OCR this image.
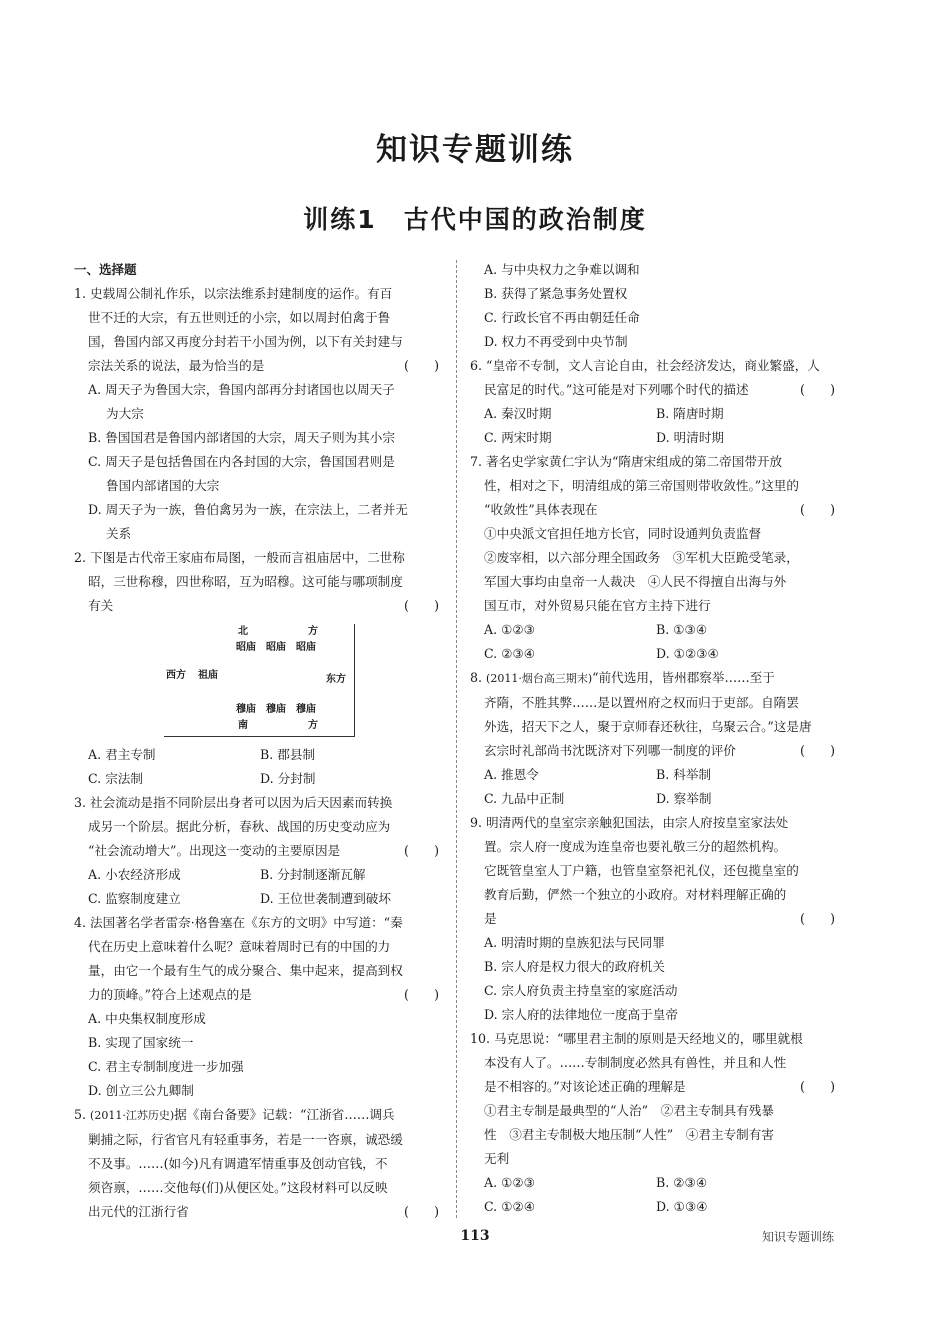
知识专题训练
训练1　古代中国的政治制度
一、选择题
1. 史载周公制礼作乐，以宗法维系封建制度的运作。有百
世不迁的大宗，有五世则迁的小宗，如以周封伯禽于鲁
国，鲁国内部又再度分封若干小国为例，以下有关封建与
宗法关系的说法，最为恰当的是	(　　)
A. 周天子为鲁国大宗，鲁国内部再分封诸国也以周天子
为大宗
B. 鲁国国君是鲁国内部诸国的大宗，周天子则为其小宗
C. 周天子是包括鲁国在内各封国的大宗，鲁国国君则是
鲁国内部诸国的大宗
D. 周天子为一族，鲁伯禽另为一族，在宗法上，二者并无
关系
2. 下图是古代帝王家庙布局图，一般而言祖庙居中，二世称
昭，三世称穆，四世称昭，互为昭穆。这可能与哪项制度
有关	(　　)
北	方
昭庙 昭庙 昭庙
西方 祖庙	东方
穆庙 穆庙 穆庙
南	方
A. 君主专制	B. 郡县制
C. 宗法制	D. 分封制
3. 社会流动是指不同阶层出身者可以因为后天因素而转换
成另一个阶层。据此分析，春秋、战国的历史变动应为
“社会流动增大”。出现这一变动的主要原因是	(　　)
A. 小农经济形成	B. 分封制逐渐瓦解
C. 监察制度建立	D. 王位世袭制遭到破坏
4. 法国著名学者雷奈·格鲁塞在《东方的文明》中写道：“秦
代在历史上意味着什么呢？意味着周时已有的中国的力
量，由它一个最有生气的成分聚合、集中起来，提高到权
力的顶峰。”符合上述观点的是	(　　)
A. 中央集权制度形成
B. 实现了国家统一
C. 君主专制制度进一步加强
D. 创立三公九卿制
5. (2011·江苏历史)据《南台备要》记载：“江浙省……调兵
剿捕之际，行省官凡有轻重事务，若是一一咨禀，诚恐缓
不及事。……(如今)凡有调遣军情重事及创动官钱，不
须咨禀，……交他每(们)从便区处。”这段材料可以反映
出元代的江浙行省	(　　)
A. 与中央权力之争难以调和
B. 获得了紧急事务处置权
C. 行政长官不再由朝廷任命
D. 权力不再受到中央节制
6. “皇帝不专制，文人言论自由，社会经济发达，商业繁盛，人
民富足的时代。”这可能是对下列哪个时代的描述	(　　)
A. 秦汉时期	B. 隋唐时期
C. 两宋时期	D. 明清时期
7. 著名史学家黄仁宇认为“隋唐宋组成的第二帝国带开放
性，相对之下，明清组成的第三帝国则带收敛性。”这里的
“收敛性”具体表现在	(　　)
①中央派文官担任地方长官，同时设通判负责监督
②废宰相，以六部分理全国政务　③军机大臣跪受笔录，
军国大事均由皇帝一人裁决　④人民不得擅自出海与外
国互市，对外贸易只能在官方主持下进行
A. ①②③	B. ①③④
C. ②③④	D. ①②③④
8. (2011·烟台高三期末)“前代选用，皆州郡察举……至于
齐隋，不胜其弊……是以置州府之权而归于吏部。自隋罢
外选，招天下之人，聚于京师春还秋往，乌聚云合。”这是唐
玄宗时礼部尚书沈既济对下列哪一制度的评价	(　　)
A. 推恩令	B. 科举制
C. 九品中正制	D. 察举制
9. 明清两代的皇室宗亲触犯国法，由宗人府按皇室家法处
置。宗人府一度成为连皇帝也要礼敬三分的超然机构。
它既管皇室人丁户籍，也管皇室祭祀礼仪，还包揽皇室的
教育后勤，俨然一个独立的小政府。对材料理解正确的
是	(　　)
A. 明清时期的皇族犯法与民同罪
B. 宗人府是权力很大的政府机关
C. 宗人府负责主持皇室的家庭活动
D. 宗人府的法律地位一度高于皇帝
10. 马克思说：“哪里君主制的原则是天经地义的，哪里就根
本没有人了。……专制制度必然具有兽性，并且和人性
是不相容的。”对该论述正确的理解是	(　　)
①君主专制是最典型的“人治”　②君主专制具有残暴
性　③君主专制极大地压制“人性”　④君主专制有害
无利
A. ①②③	B. ②③④
C. ①②④	D. ①③④
113	知识专题训练
